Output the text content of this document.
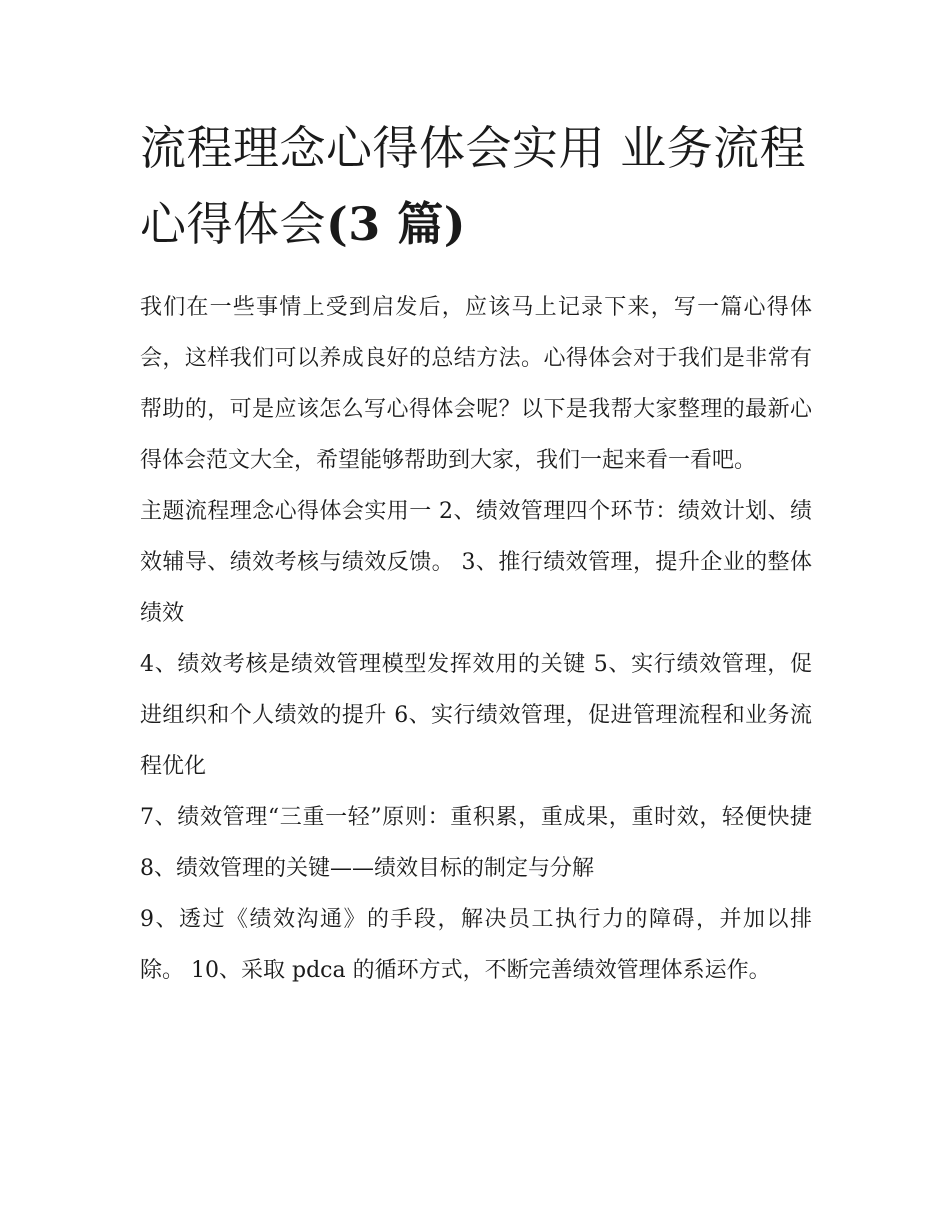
流程理念心得体会实用 业务流程心得体会(3 篇)

我们在一些事情上受到启发后，应该马上记录下来，写一篇心得体会，这样我们可以养成良好的总结方法。心得体会对于我们是非常有帮助的，可是应该怎么写心得体会呢？以下是我帮大家整理的最新心得体会范文大全，希望能够帮助到大家，我们一起来看一看吧。

主题流程理念心得体会实用一 2、绩效管理四个环节：绩效计划、绩效辅导、绩效考核与绩效反馈。 3、推行绩效管理，提升企业的整体绩效

4、绩效考核是绩效管理模型发挥效用的关键 5、实行绩效管理，促进组织和个人绩效的提升 6、实行绩效管理，促进管理流程和业务流程优化

7、绩效管理“三重一轻”原则：重积累，重成果，重时效，轻便快捷 8、绩效管理的关键——绩效目标的制定与分解

9、透过《绩效沟通》的手段，解决员工执行力的障碍，并加以排除。 10、采取 pdca 的循环方式，不断完善绩效管理体系运作。
